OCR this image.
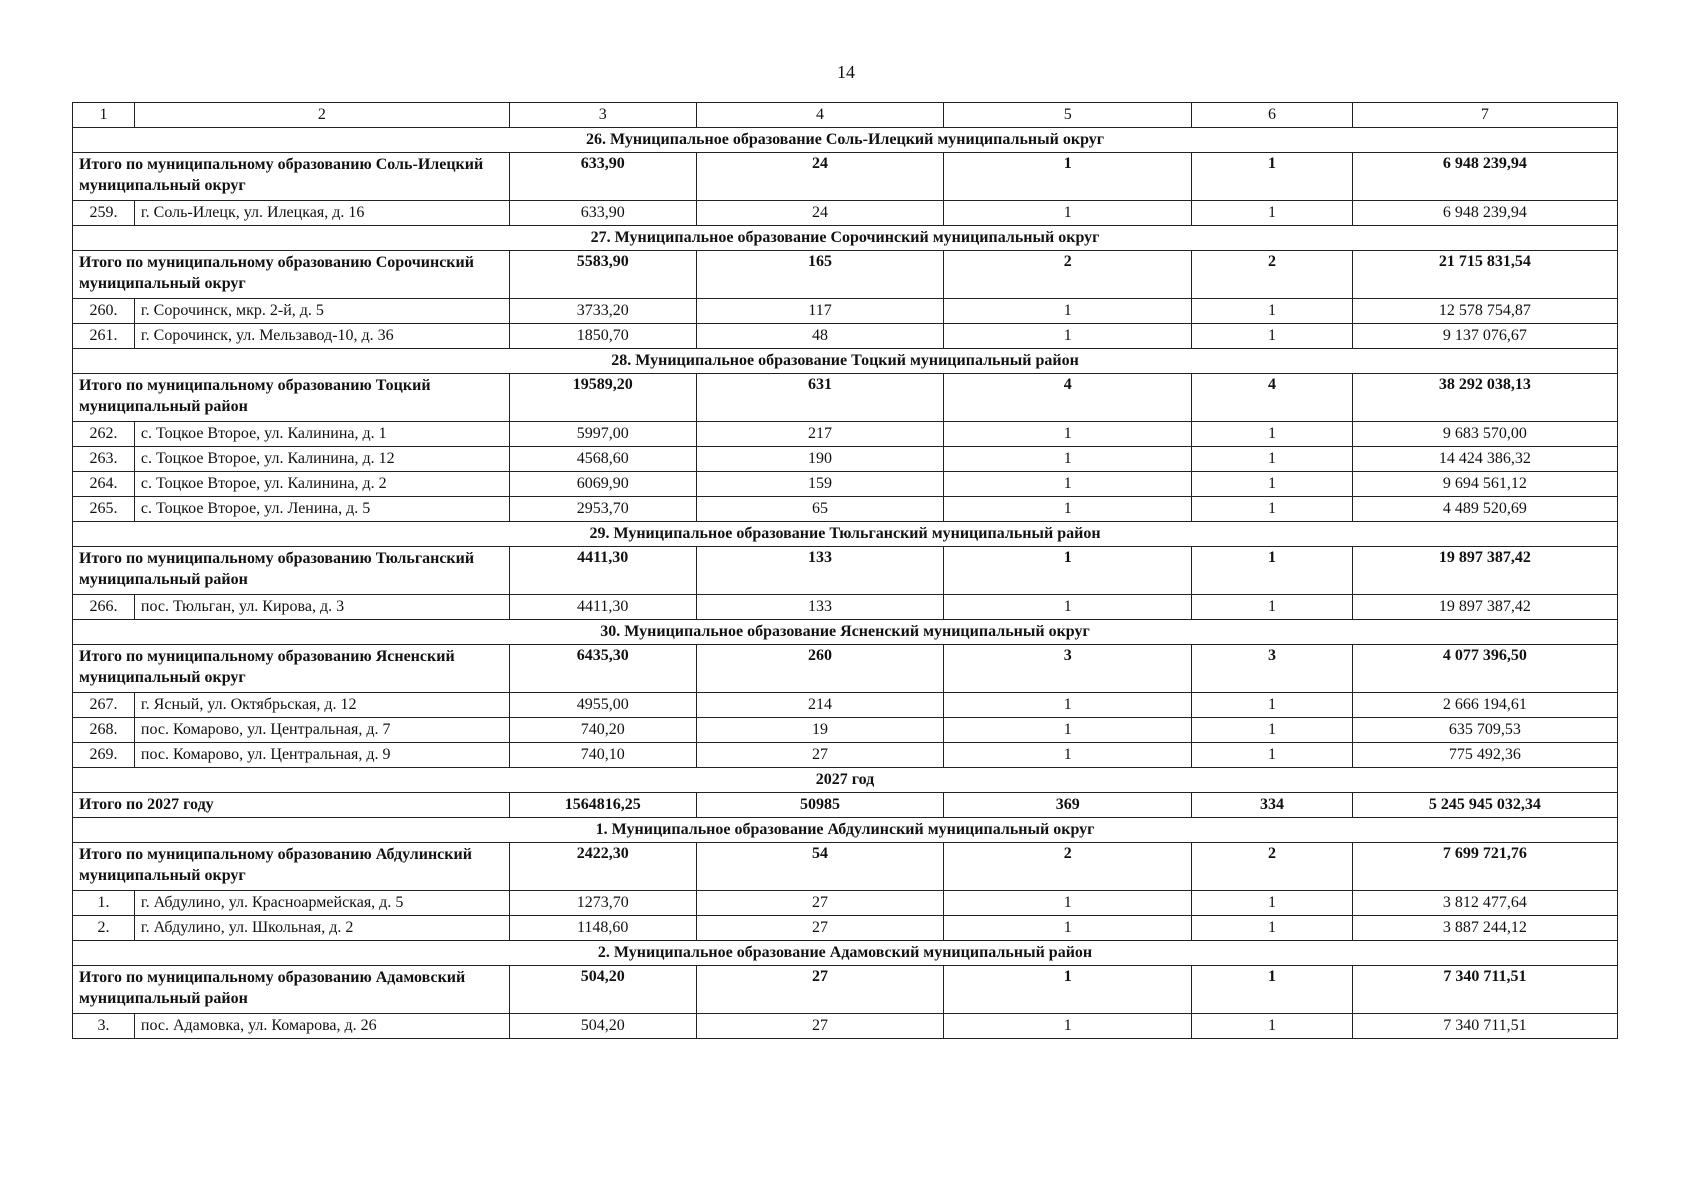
14
1	2	3	4	5	6	7
26. Муниципальное образование Соль-Илецкий муниципальный округ						
Итого по муниципальному образованию Соль-Илецкий муниципальный округ		633,90	24	1	1	6 948 239,94
259.	г. Соль-Илецк, ул. Илецкая, д. 16	633,90	24	1	1	6 948 239,94
27. Муниципальное образование Сорочинский муниципальный округ						
Итого по муниципальному образованию Сорочинский муниципальный округ		5583,90	165	2	2	21 715 831,54
260.	г. Сорочинск, мкр. 2-й, д. 5	3733,20	117	1	1	12 578 754,87
261.	г. Сорочинск, ул. Мельзавод-10, д. 36	1850,70	48	1	1	9 137 076,67
28. Муниципальное образование Тоцкий муниципальный район						
Итого по муниципальному образованию Тоцкий муниципальный район		19589,20	631	4	4	38 292 038,13
262.	с. Тоцкое Второе, ул. Калинина, д. 1	5997,00	217	1	1	9 683 570,00
263.	с. Тоцкое Второе, ул. Калинина, д. 12	4568,60	190	1	1	14 424 386,32
264.	с. Тоцкое Второе, ул. Калинина, д. 2	6069,90	159	1	1	9 694 561,12
265.	с. Тоцкое Второе, ул. Ленина, д. 5	2953,70	65	1	1	4 489 520,69
29. Муниципальное образование Тюльганский муниципальный район						
Итого по муниципальному образованию Тюльганский муниципальный район		4411,30	133	1	1	19 897 387,42
266.	пос. Тюльган, ул. Кирова, д. 3	4411,30	133	1	1	19 897 387,42
30. Муниципальное образование Ясненский муниципальный округ						
Итого по муниципальному образованию Ясненский муниципальный округ		6435,30	260	3	3	4 077 396,50
267.	г. Ясный, ул. Октябрьская, д. 12	4955,00	214	1	1	2 666 194,61
268.	пос. Комарово, ул. Центральная, д. 7	740,20	19	1	1	635 709,53
269.	пос. Комарово, ул. Центральная, д. 9	740,10	27	1	1	775 492,36
2027 год						
Итого по 2027 году		1564816,25	50985	369	334	5 245 945 032,34
1. Муниципальное образование Абдулинский муниципальный округ						
Итого по муниципальному образованию Абдулинский муниципальный округ		2422,30	54	2	2	7 699 721,76
1.	г. Абдулино, ул. Красноармейская, д. 5	1273,70	27	1	1	3 812 477,64
2.	г. Абдулино, ул. Школьная, д. 2	1148,60	27	1	1	3 887 244,12
2. Муниципальное образование Адамовский муниципальный район						
Итого по муниципальному образованию Адамовский муниципальный район		504,20	27	1	1	7 340 711,51
3.	пос. Адамовка, ул. Комарова, д. 26	504,20	27	1	1	7 340 711,51
